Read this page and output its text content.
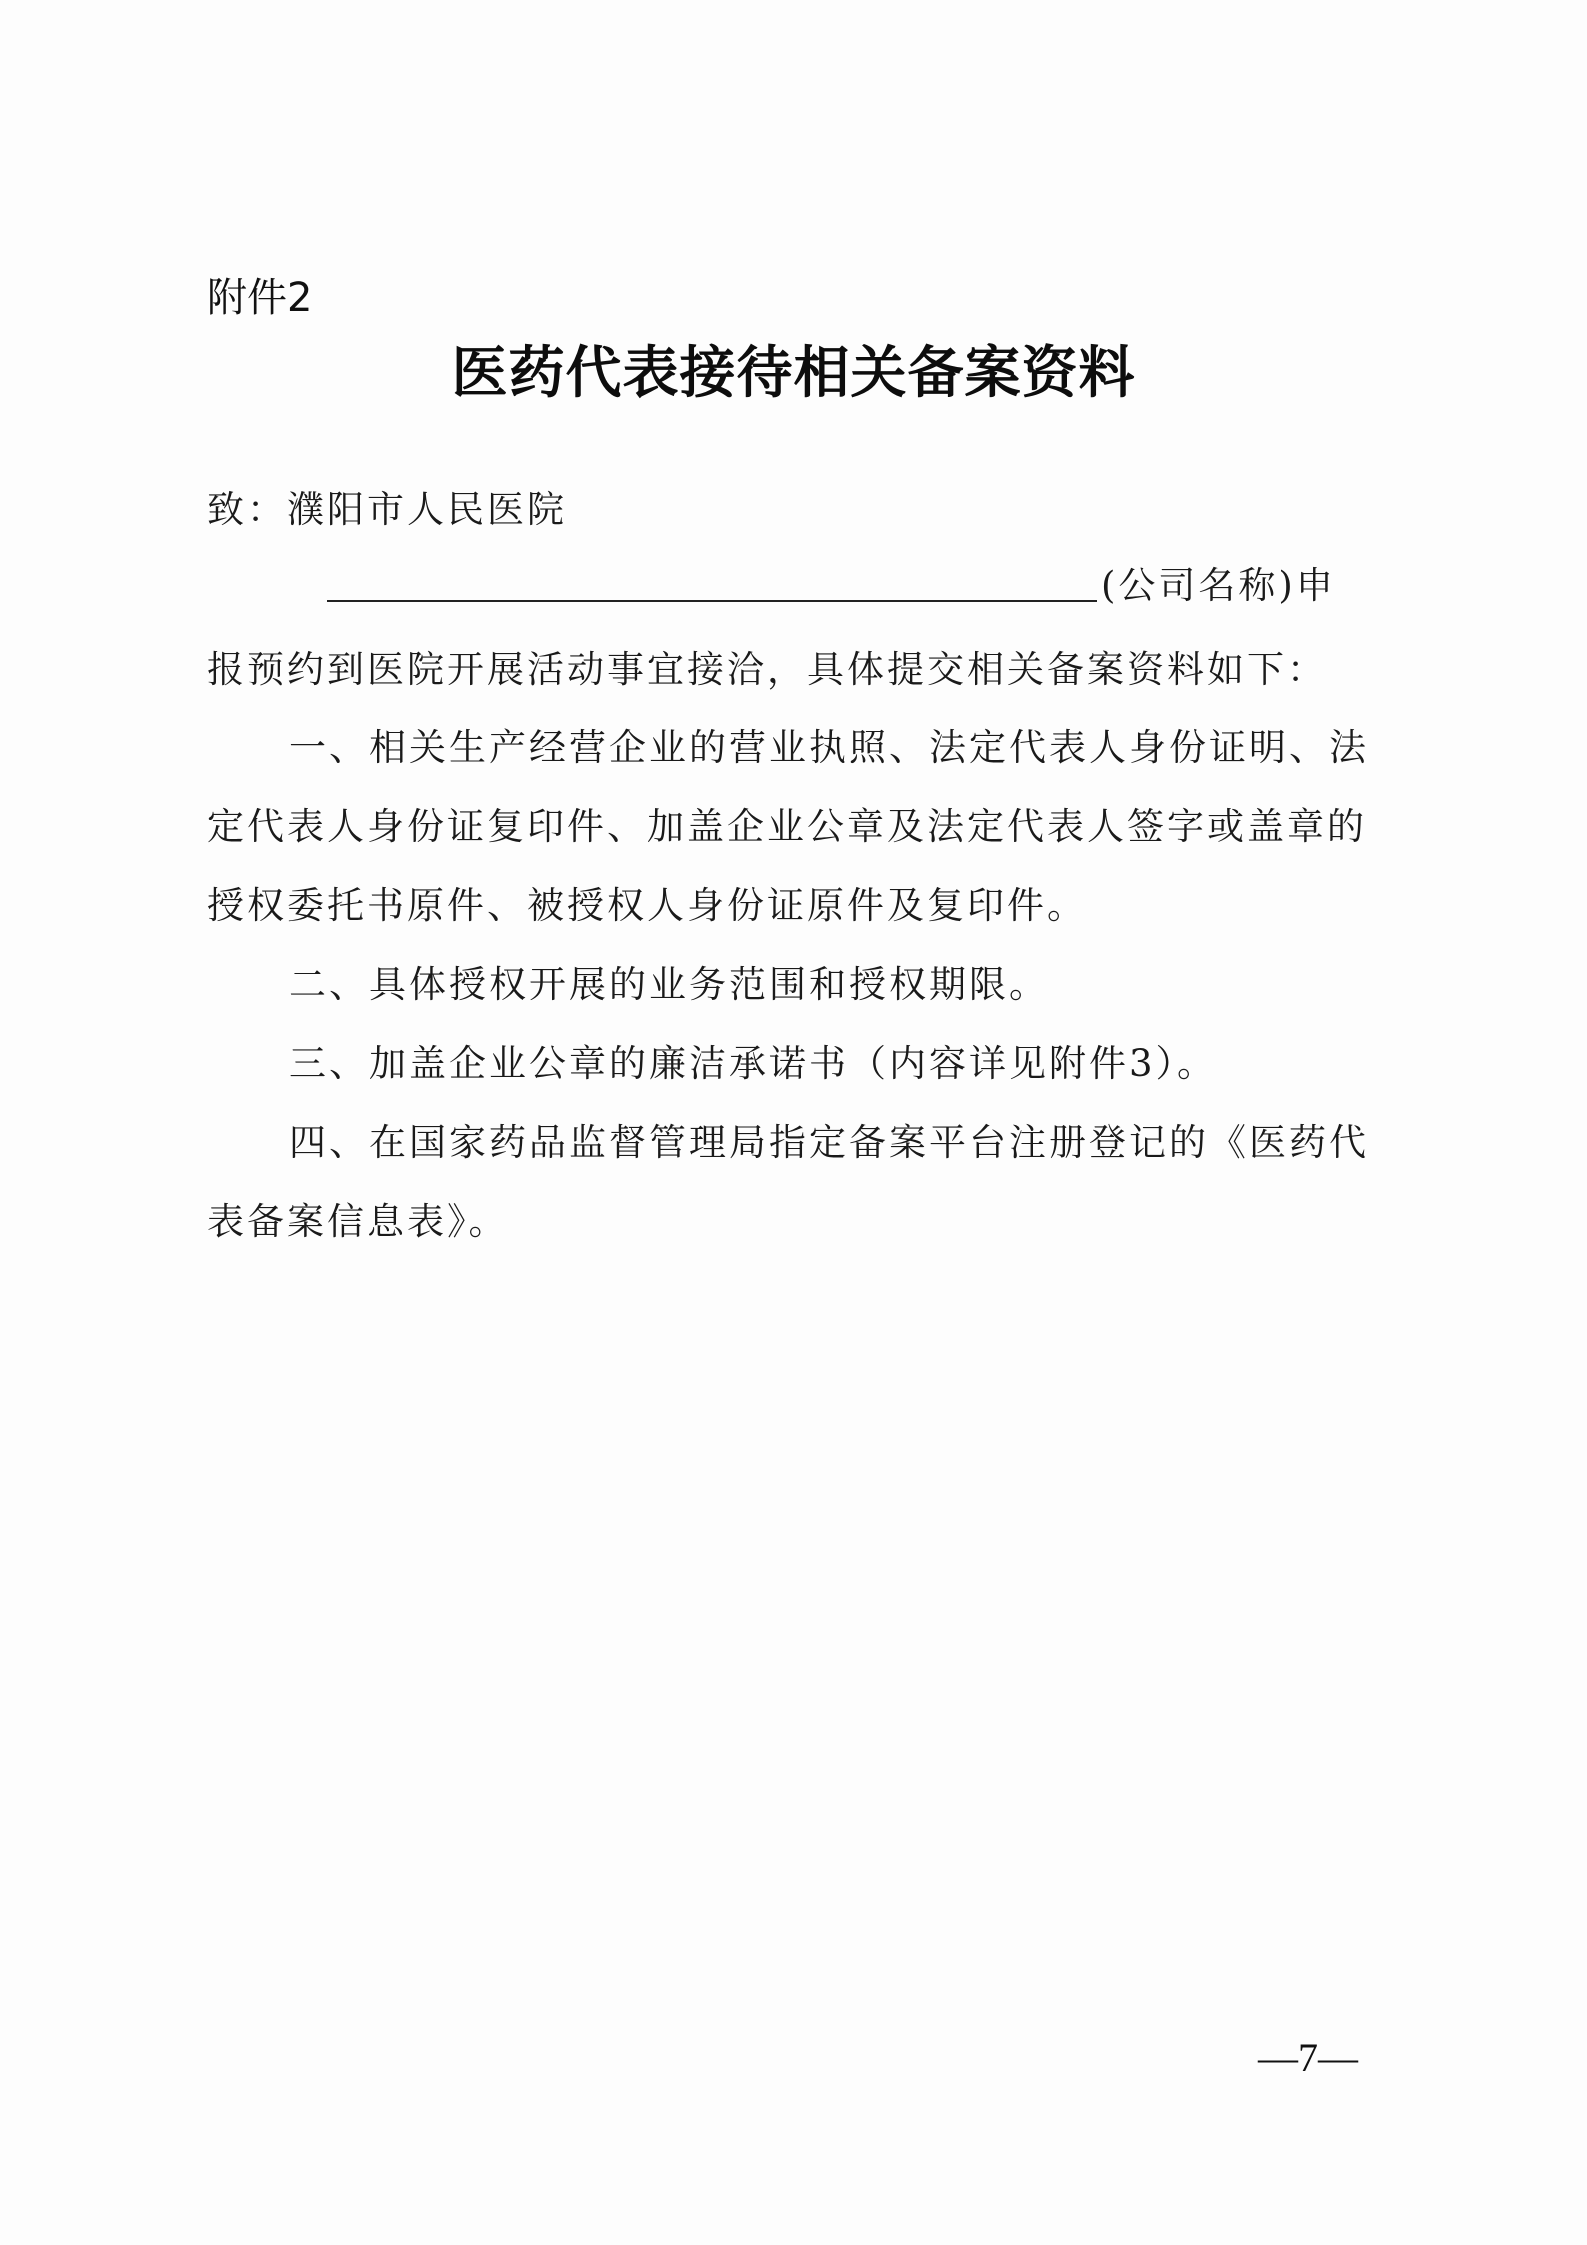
附件2
医药代表接待相关备案资料
致：濮阳市人民医院
(公司名称)申
报预约到医院开展活动事宜接洽，具体提交相关备案资料如下：
一、相关生产经营企业的营业执照、法定代表人身份证明、法
定代表人身份证复印件、加盖企业公章及法定代表人签字或盖章的
授权委托书原件、被授权人身份证原件及复印件。
二、具体授权开展的业务范围和授权期限。
三、加盖企业公章的廉洁承诺书（内容详见附件3）。
四、在国家药品监督管理局指定备案平台注册登记的《医药代
表备案信息表》。
—7—
